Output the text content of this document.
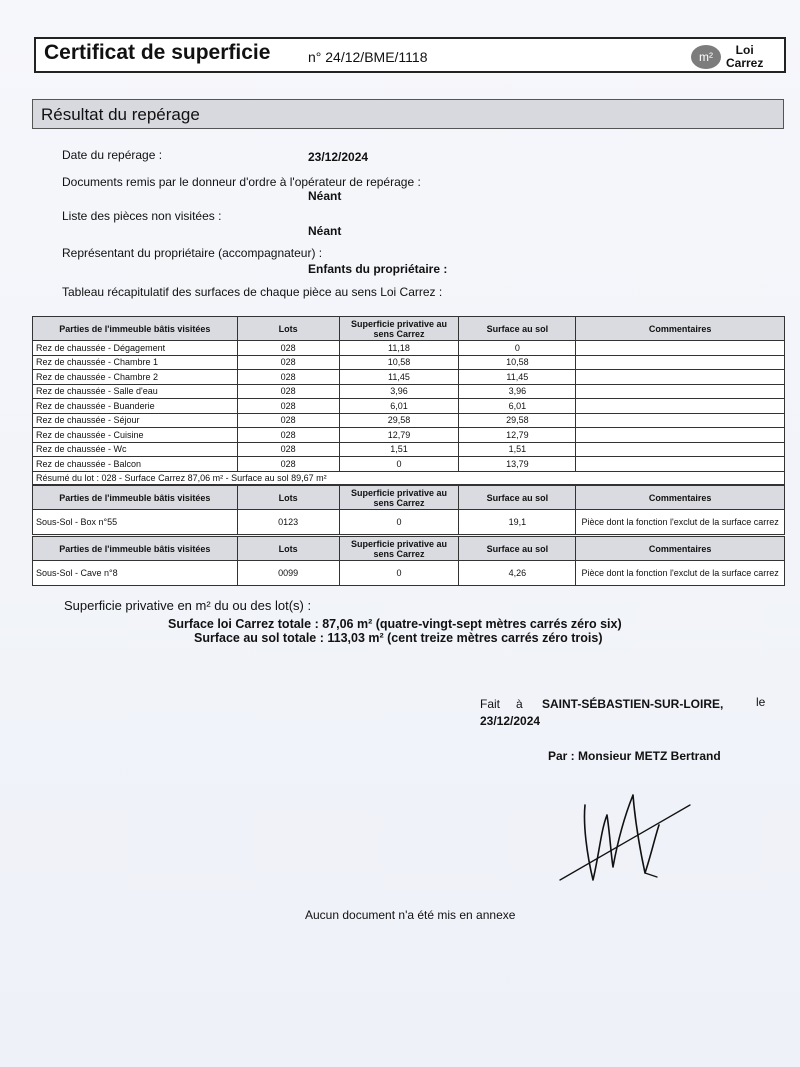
Certificat de superficie	n° 24/12/BME/1118	m²	Loi
Carrez
Résultat du repérage
Date du repérage :	23/12/2024
Documents remis par le donneur d'ordre à l'opérateur de repérage :
Néant
Liste des pièces non visitées :
Néant
Représentant du propriétaire (accompagnateur) :
Enfants du propriétaire :
Tableau récapitulatif des surfaces de chaque pièce au sens Loi Carrez :
Parties de l'immeuble bâtis visitées	Lots	Superficie privative au sens Carrez	Surface au sol	Commentaires
Rez de chaussée - Dégagement	028	11,18	0	
Rez de chaussée - Chambre 1	028	10,58	10,58	
Rez de chaussée - Chambre 2	028	11,45	11,45	
Rez de chaussée - Salle d'eau	028	3,96	3,96	
Rez de chaussée - Buanderie	028	6,01	6,01	
Rez de chaussée - Séjour	028	29,58	29,58	
Rez de chaussée - Cuisine	028	12,79	12,79	
Rez de chaussée - Wc	028	1,51	1,51	
Rez de chaussée - Balcon	028	0	13,79	
Résumé du lot : 028 - Surface Carrez 87,06 m² - Surface au sol 89,67 m²				
Parties de l'immeuble bâtis visitées	Lots	Superficie privative au sens Carrez	Surface au sol	Commentaires
Sous-Sol - Box n°55	0123	0	19,1	Pièce dont la fonction l'exclut de la surface carrez
Parties de l'immeuble bâtis visitées	Lots	Superficie privative au sens Carrez	Surface au sol	Commentaires
Sous-Sol - Cave n°8	0099	0	4,26	Pièce dont la fonction l'exclut de la surface carrez
Superficie privative en m² du ou des lot(s) :
Surface loi Carrez totale : 87,06 m² (quatre-vingt-sept mètres carrés zéro six)
Surface au sol totale : 113,03 m² (cent treize mètres carrés zéro trois)
Fait à SAINT-SÉBASTIEN-SUR-LOIRE,	le
23/12/2024
Par : Monsieur METZ Bertrand
Aucun document n'a été mis en annexe
